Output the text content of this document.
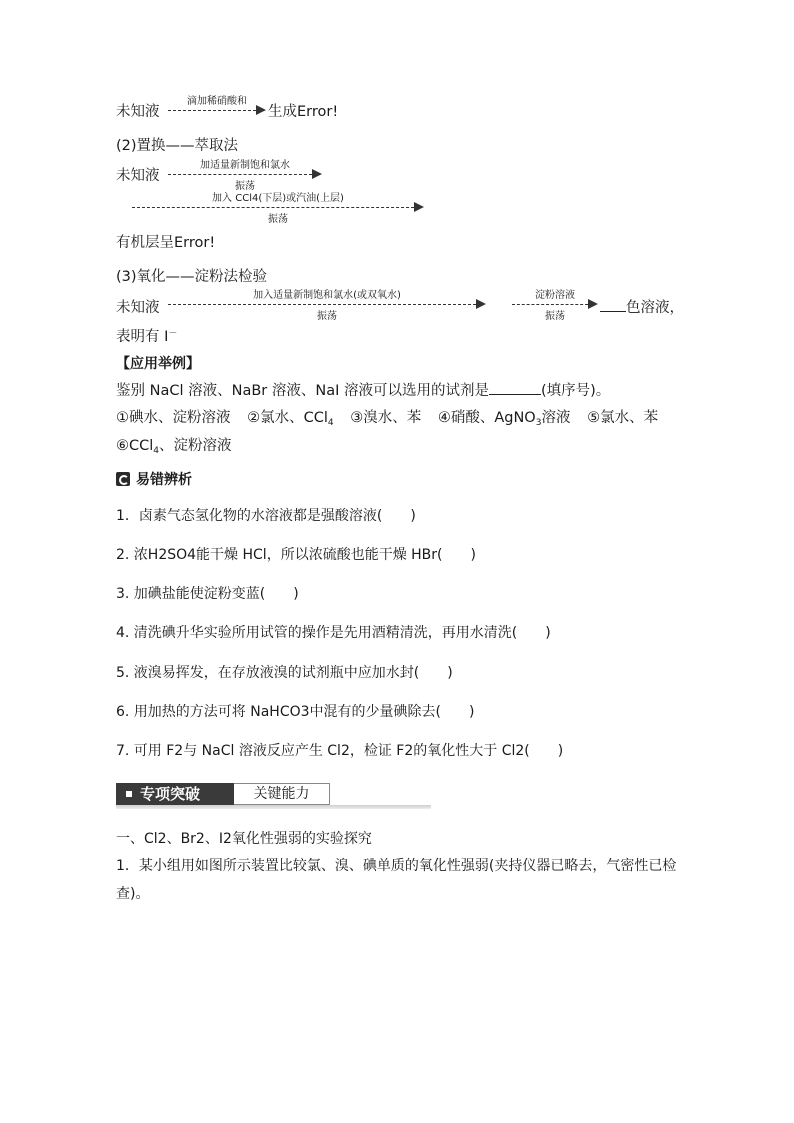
未知液
滴加稀硝酸和
生成Error!
(2)置换——萃取法
未知液
加适量新制饱和氯水
振荡
加入 CCl4(下层)或汽油(上层)
振荡
有机层呈Error!
(3)氧化——淀粉法检验
未知液
加入适量新制饱和氯水(或双氧水)
振荡
淀粉溶液
振荡
色溶液，
表明有 I－
【应用举例】
鉴别 NaCl 溶液、NaBr 溶液、NaI 溶液可以选用的试剂是	(填序号)。
①碘水、淀粉溶液 ②氯水、CCl$_4$ ③溴水、苯 ④硝酸、AgNO$_3$溶液 ⑤氯水、苯
⑥CCl$_4$、淀粉溶液
易错辨析
1．卤素气态氢化物的水溶液都是强酸溶液(　　)
2. 浓H2SO4能干燥 HCl，所以浓硫酸也能干燥 HBr(　　)
3. 加碘盐能使淀粉变蓝(　　)
4. 清洗碘升华实验所用试管的操作是先用酒精清洗，再用水清洗(　　)
5. 液溴易挥发，在存放液溴的试剂瓶中应加水封(　　)
6. 用加热的方法可将 NaHCO3中混有的少量碘除去(　　)
7. 可用 F2与 NaCl 溶液反应产生 Cl2，检证 F2的氧化性大于 Cl2(　　)
专项突破	关键能力
一、Cl2、Br2、I2氧化性强弱的实验探究
1．某小组用如图所示装置比较氯、溴、碘单质的氧化性强弱(夹持仪器已略去，气密性已检
查)。
